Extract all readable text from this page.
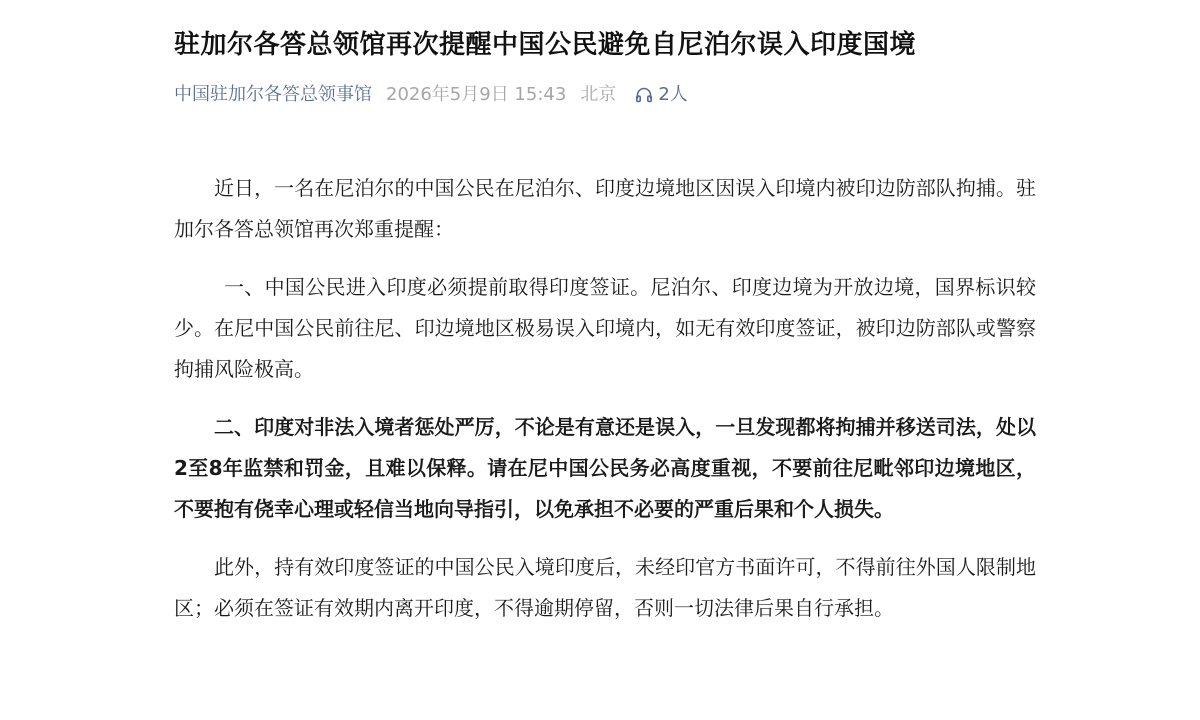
驻加尔各答总领馆再次提醒中国公民避免自尼泊尔误入印度国境
中国驻加尔各答总领事馆 2026年5月9日 15:43 北京 2人

近日，一名在尼泊尔的中国公民在尼泊尔、印度边境地区因误入印境内被印边防部队拘捕。驻加尔各答总领馆再次郑重提醒：

一、中国公民进入印度必须提前取得印度签证。尼泊尔、印度边境为开放边境，国界标识较少。在尼中国公民前往尼、印边境地区极易误入印境内，如无有效印度签证，被印边防部队或警察拘捕风险极高。

二、印度对非法入境者惩处严厉，不论是有意还是误入，一旦发现都将拘捕并移送司法，处以2至8年监禁和罚金，且难以保释。请在尼中国公民务必高度重视，不要前往尼毗邻印边境地区，不要抱有侥幸心理或轻信当地向导指引，以免承担不必要的严重后果和个人损失。

此外，持有效印度签证的中国公民入境印度后，未经印官方书面许可，不得前往外国人限制地区；必须在签证有效期内离开印度，不得逾期停留，否则一切法律后果自行承担。
